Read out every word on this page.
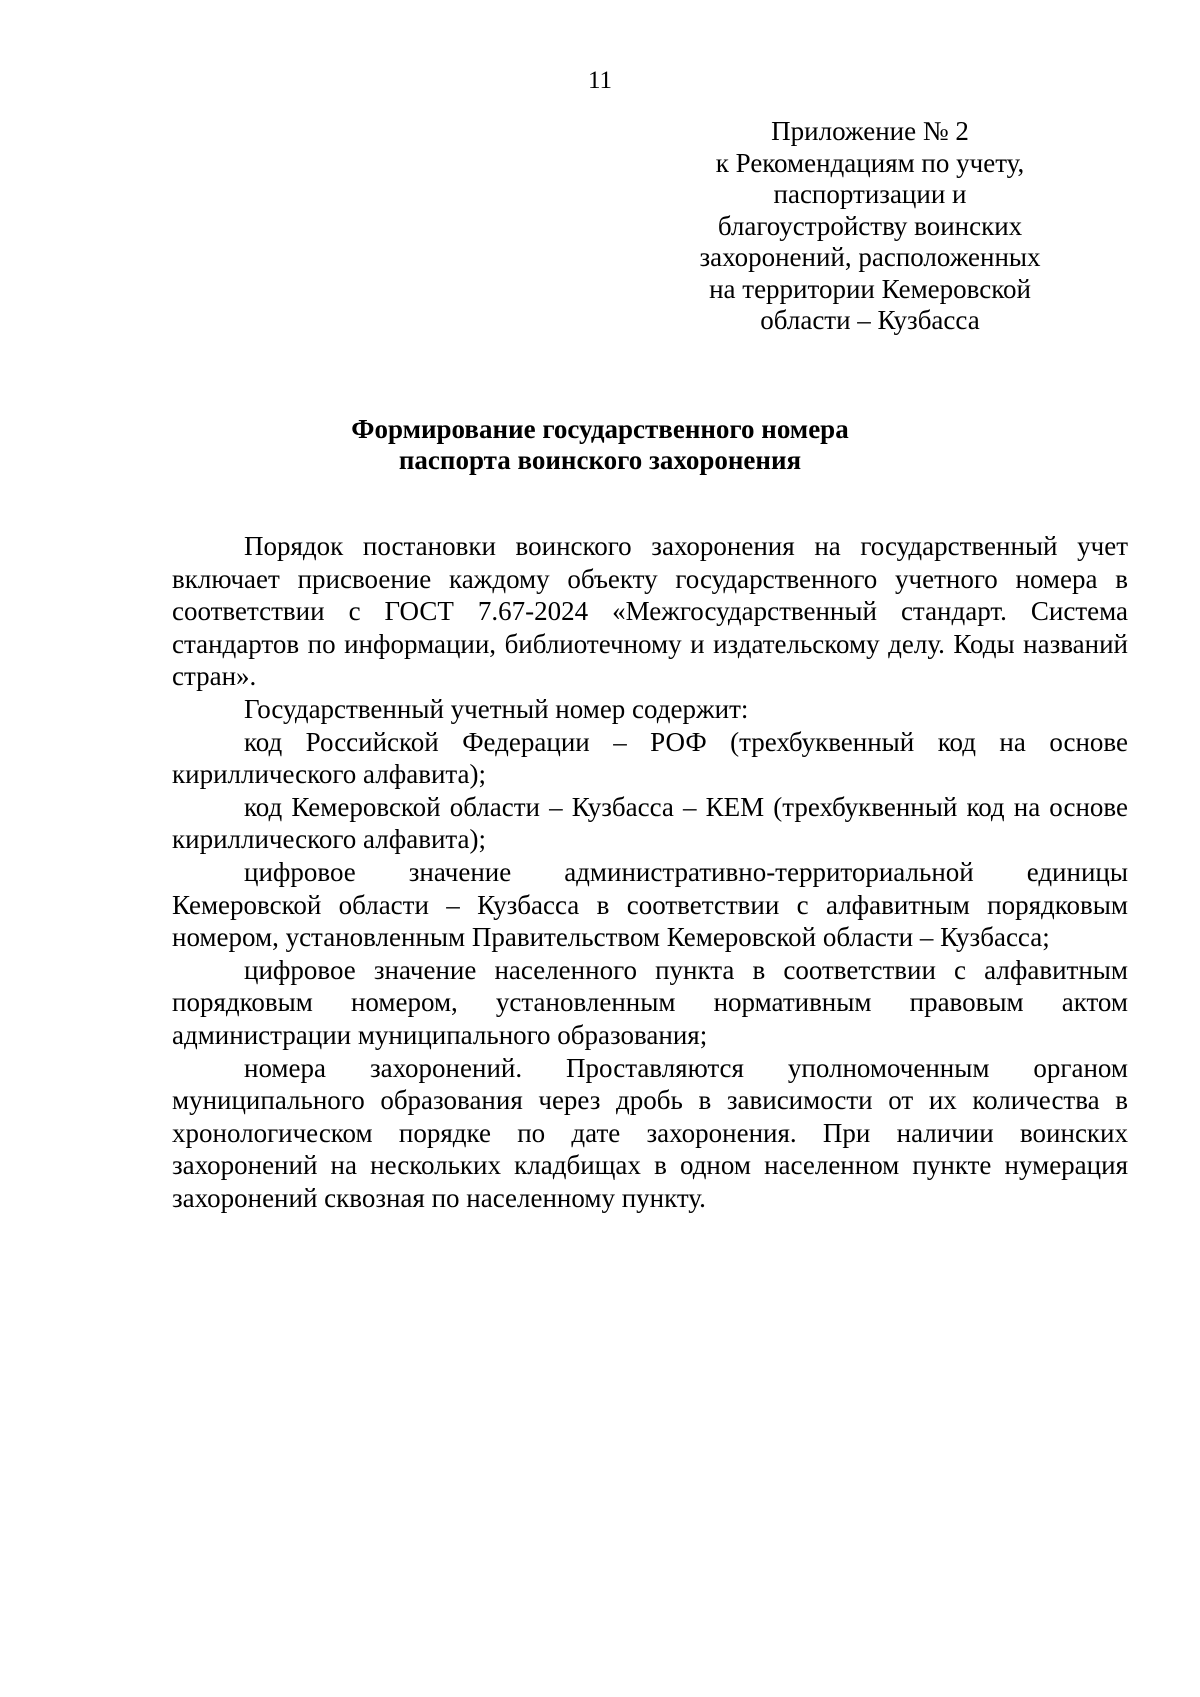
11
Приложение № 2
к Рекомендациям по учету,
паспортизации и
благоустройству воинских
захоронений, расположенных
на территории Кемеровской
области – Кузбасса
Формирование государственного номера
паспорта воинского захоронения

Порядок постановки воинского захоронения на государственный учет включает присвоение каждому объекту государственного учетного номера в соответствии с ГОСТ 7.67-2024 «Межгосударственный стандарт. Система стандартов по информации, библиотечному и издательскому делу. Коды названий стран».

Государственный учетный номер содержит:

код Российской Федерации – РОФ (трехбуквенный код на основе кириллического алфавита);

код Кемеровской области – Кузбасса – КЕМ (трехбуквенный код на основе кириллического алфавита);

цифровое значение административно-территориальной единицы Кемеровской области – Кузбасса в соответствии с алфавитным порядковым номером, установленным Правительством Кемеровской области – Кузбасса;

цифровое значение населенного пункта в соответствии с алфавитным порядковым номером, установленным нормативным правовым актом администрации муниципального образования;

номера захоронений. Проставляются уполномоченным органом муниципального образования через дробь в зависимости от их количества в хронологическом порядке по дате захоронения. При наличии воинских захоронений на нескольких кладбищах в одном населенном пункте нумерация захоронений сквозная по населенному пункту.
